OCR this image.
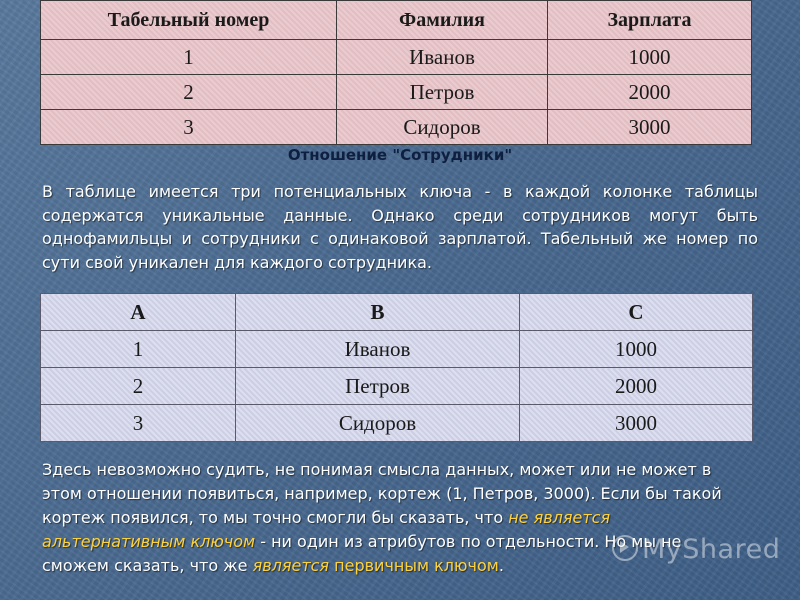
Табельный номер	Фамилия	Зарплата
1	Иванов	1000
2	Петров	2000
3	Сидоров	3000
Отношение "Сотрудники"
В таблице имеется три потенциальных ключа - в каждой колонке таблицы содержатся уникальные данные. Однако среди сотрудников могут быть однофамильцы и сотрудники с одинаковой зарплатой. Табельный же номер по сути свой уникален для каждого сотрудника.
A	B	C
1	Иванов	1000
2	Петров	2000
3	Сидоров	3000
Здесь невозможно судить, не понимая смысла данных, может или не может в этом отношении появиться, например, кортеж (1, Петров, 3000). Если бы такой кортеж появился, то мы точно смогли бы сказать, что не является альтернативным ключом - ни один из атрибутов по отдельности. Но мы не сможем сказать, что же является первичным ключом.
MyShared
